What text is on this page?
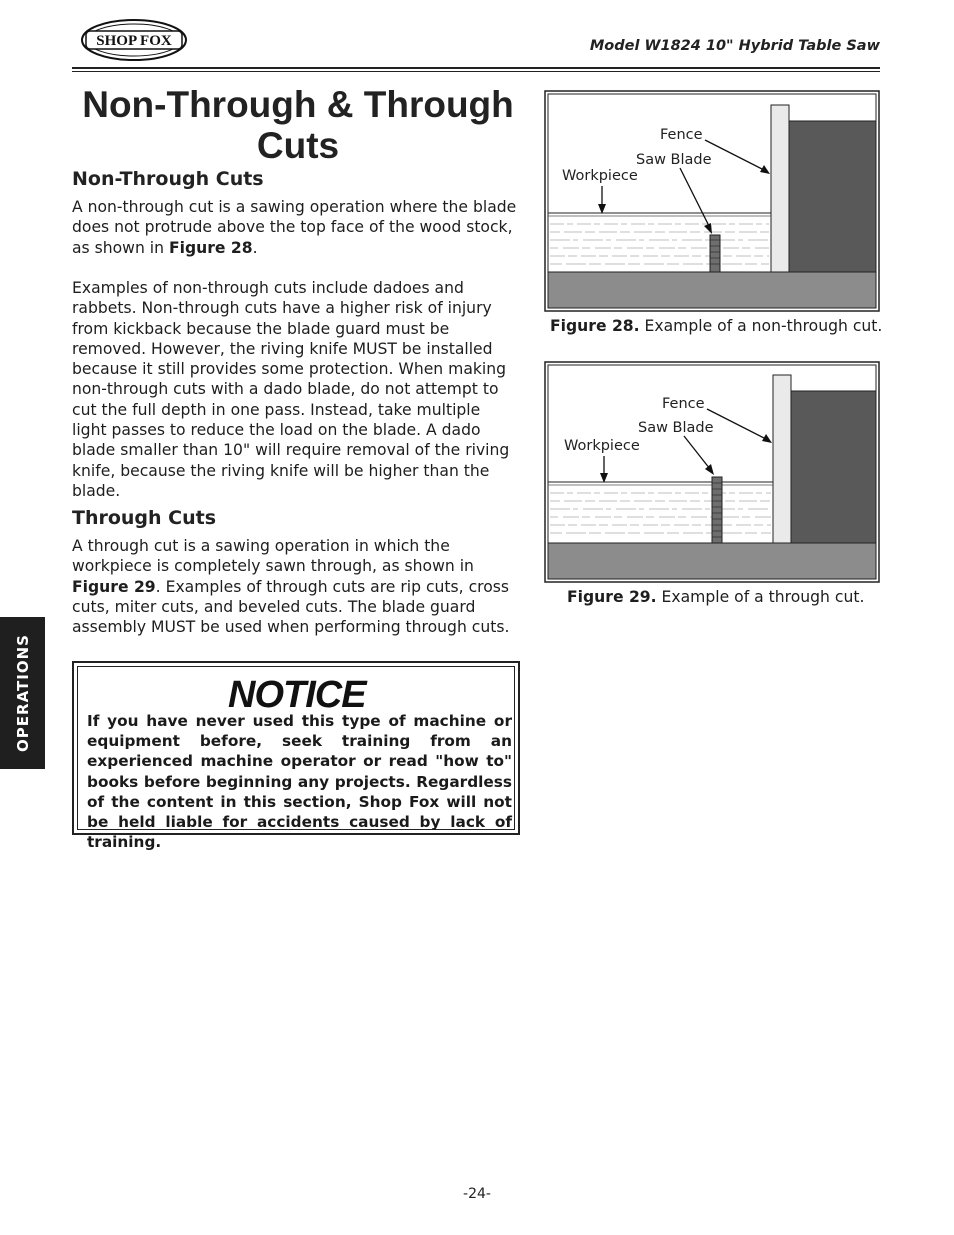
SHOP FOX	Model W1824 10" Hybrid Table Saw
Non-Through & Through
Cuts
Non-Through Cuts
A non-through cut is a sawing operation where the blade does not protrude above the top face of the wood stock, as shown in Figure 28.
Examples of non-through cuts include dadoes and rabbets. Non-through cuts have a higher risk of injury from kickback because the blade guard must be removed. However, the riving knife MUST be installed because it still provides some protection. When making non-through cuts with a dado blade, do not attempt to cut the full depth in one pass. Instead, take multiple light passes to reduce the load on the blade. A dado blade smaller than 10" will require removal of the riving knife, because the riving knife will be higher than the blade.
Through Cuts
A through cut is a sawing operation in which the workpiece is completely sawn through, as shown in Figure 29. Examples of through cuts are rip cuts, cross cuts, miter cuts, and beveled cuts. The blade guard assembly MUST be used when performing through cuts.
NOTICE
If you have never used this type of machine or equipment before, seek training from an experienced machine operator or read "how to" books before beginning any projects. Regardless of the content in this section, Shop Fox will not be held liable for accidents caused by lack of training.
OPERATIONS
Fence
Saw Blade
Workpiece
Figure 28. Example of a non-through cut.
Fence
Saw Blade
Workpiece
Figure 29. Example of a through cut.
-24-
